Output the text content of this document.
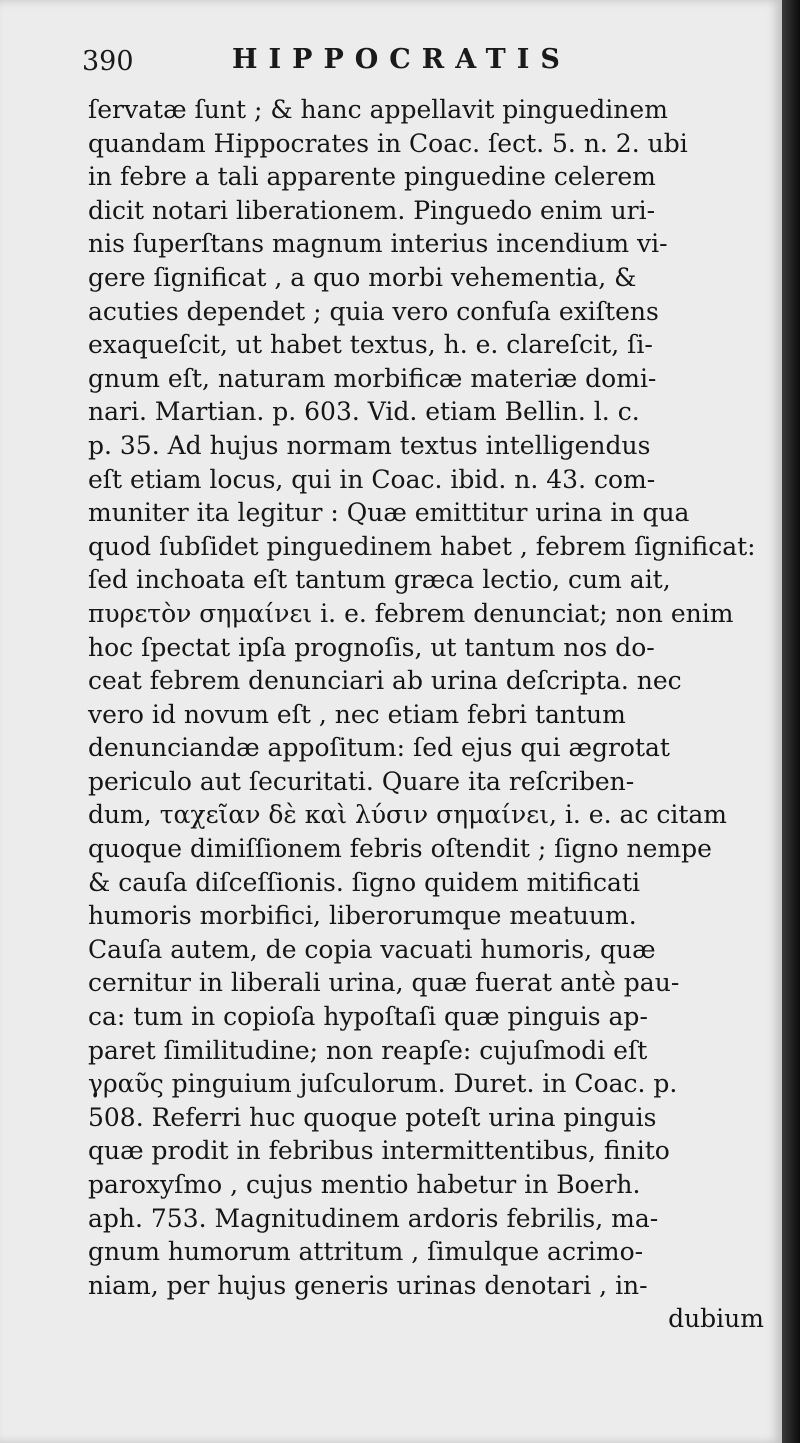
390	HIPPOCRATIS
ſervatæ ſunt ; & hanc appellavit pinguedinem
quandam Hippocrates in Coac. ſect. 5. n. 2. ubi
in febre a tali apparente pinguedine celerem
dicit notari liberationem. Pinguedo enim uri-
nis ſuperſtans magnum interius incendium vi-
gere ſignificat , a quo morbi vehementia, &
acuties dependet ; quia vero confuſa exiſtens
exaqueſcit, ut habet textus, h. e. clareſcit, ſi-
gnum eſt, naturam morbificæ materiæ domi-
nari. Martian. p. 603. Vid. etiam Bellin. l. c.
p. 35. Ad hujus normam textus intelligendus
eſt etiam locus, qui in Coac. ibid. n. 43. com-
muniter ita legitur : Quæ emittitur urina in qua
quod ſubſidet pinguedinem habet , febrem ſignificat:
ſed inchoata eſt tantum græca lectio, cum ait,
πυρετὸν σημαίνει i. e. febrem denunciat; non enim
hoc ſpectat ipſa prognoſis, ut tantum nos do-
ceat febrem denunciari ab urina deſcripta. nec
vero id novum eſt , nec etiam febri tantum
denunciandæ appoſitum: ſed ejus qui ægrotat
periculo aut ſecuritati. Quare ita reſcriben-
dum, ταχεῖαν δὲ καὶ λύσιν σημαίνει, i. e. ac citam
quoque dimiſſionem febris oſtendit ; ſigno nempe
& cauſa diſceſſionis. ſigno quidem mitificati
humoris morbifici, liberorumque meatuum.
Cauſa autem, de copia vacuati humoris, quæ
cernitur in liberali urina, quæ fuerat antè pau-
ca: tum in copioſa hypoſtaſi quæ pinguis ap-
paret ſimilitudine; non reapſe: cujuſmodi eſt
γραῦς pinguium juſculorum. Duret. in Coac. p.
508. Referri huc quoque poteſt urina pinguis
quæ prodit in febribus intermittentibus, finito
paroxyſmo , cujus mentio habetur in Boerh.
aph. 753. Magnitudinem ardoris febrilis, ma-
gnum humorum attritum , ſimulque acrimo-
niam, per hujus generis urinas denotari , in-
dubium
